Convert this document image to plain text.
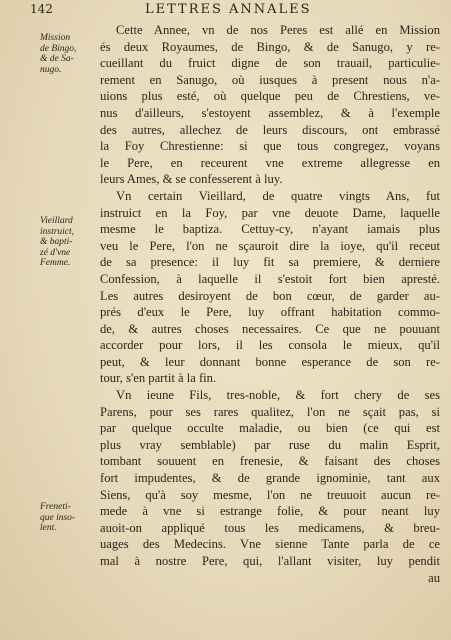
142	LETTRES ANNALES
Mission
de Bingo,
& de Sa-
nugo.
Vieillard
instruict,
& bapti-
zé d'vne
Femme.
Freneti-
que inso-
lent.
Cette Annee, vn de nos Peres est allé en Mission
és deux Royaumes, de Bingo, & de Sanugo, y re-
cueillant du fruict digne de son trauail, particulie-
rement en Sanugo, où iusques à present nous n'a-
uions plus esté, où quelque peu de Chrestiens, ve-
nus d'ailleurs, s'estoyent assemblez, & à l'exemple
des autres, allechez de leurs discours, ont embrassé
la Foy Chrestienne: si que tous congregez, voyans
le Pere, en receurent vne extreme allegresse en
leurs Ames, & se confesserent à luy.
Vn certain Vieillard, de quatre vingts Ans, fut
instruict en la Foy, par vne deuote Dame, laquelle
mesme le baptiza. Cettuy-cy, n'ayant iamais plus
veu le Pere, l'on ne sçauroit dire la ioye, qu'il receut
de sa presence: il luy fit sa premiere, & derniere
Confession, à laquelle il s'estoit fort bien apresté.
Les autres desiroyent de bon cœur, de garder au-
prés d'eux le Pere, luy offrant habitation commo-
de, & autres choses necessaires. Ce que ne pouuant
accorder pour lors, il les consola le mieux, qu'il
peut, & leur donnant bonne esperance de son re-
tour, s'en partit à la fin.
Vn ieune Fils, tres-noble, & fort chery de ses
Parens, pour ses rares qualitez, l'on ne sçait pas, si
par quelque occulte maladie, ou bien (ce qui est
plus vray semblable) par ruse du malin Esprit,
tombant souuent en frenesie, & faisant des choses
fort impudentes, & de grande ignominie, tant aux
Siens, qu'à soy mesme, l'on ne treuuoit aucun re-
mede à vne si estrange folie, & pour neant luy
auoit-on appliqué tous les medicamens, & breu-
uages des Medecins. Vne sienne Tante parla de ce
mal à nostre Pere, qui, l'allant visiter, luy pendit
au
